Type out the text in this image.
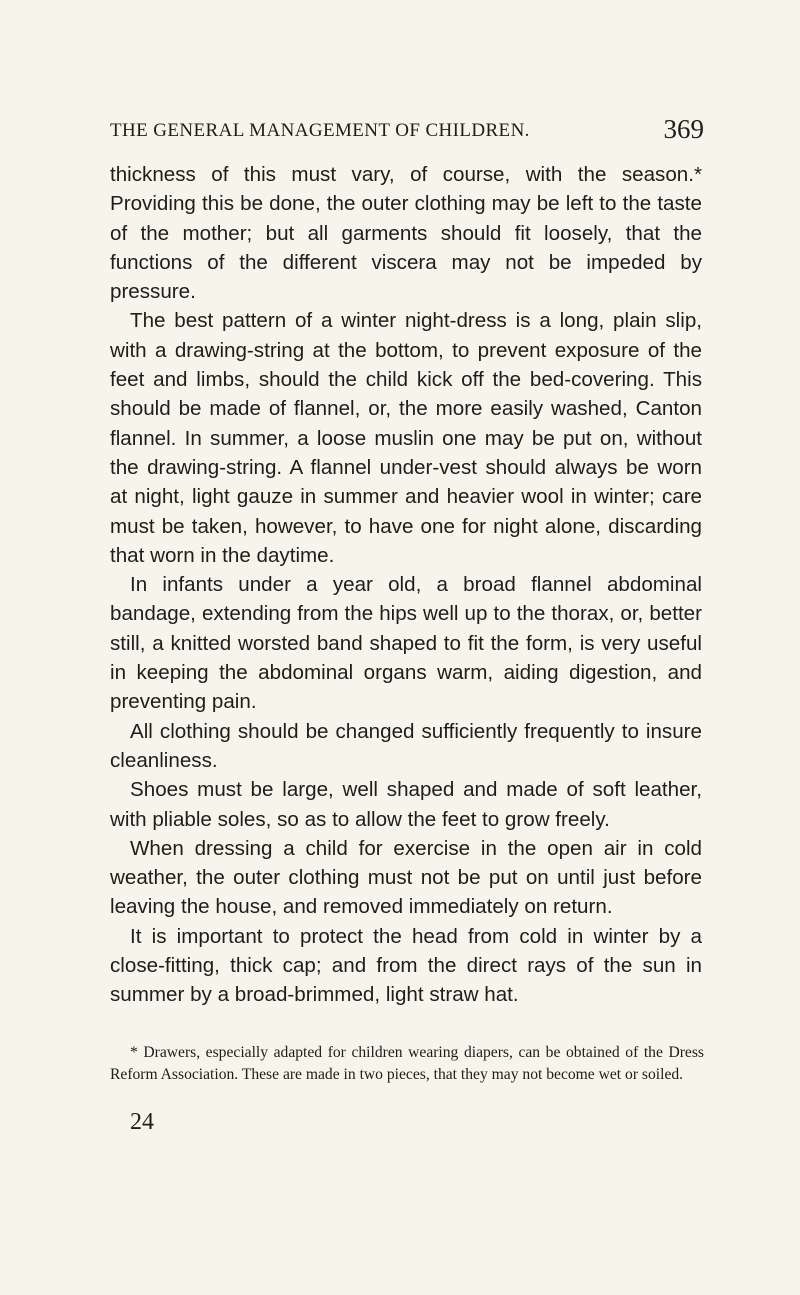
THE GENERAL MANAGEMENT OF CHILDREN.	369

thickness of this must vary, of course, with the season.* Providing this be done, the outer clothing may be left to the taste of the mother; but all garments should fit loosely, that the functions of the different viscera may not be impeded by pressure.

The best pattern of a winter night-dress is a long, plain slip, with a drawing-string at the bottom, to prevent exposure of the feet and limbs, should the child kick off the bed-covering. This should be made of flannel, or, the more easily washed, Canton flannel. In summer, a loose muslin one may be put on, without the drawing-string. A flannel under-vest should always be worn at night, light gauze in summer and heavier wool in winter; care must be taken, however, to have one for night alone, discarding that worn in the daytime.

In infants under a year old, a broad flannel abdominal bandage, extending from the hips well up to the thorax, or, better still, a knitted worsted band shaped to fit the form, is very useful in keeping the abdominal organs warm, aiding digestion, and preventing pain.

All clothing should be changed sufficiently frequently to insure cleanliness.

Shoes must be large, well shaped and made of soft leather, with pliable soles, so as to allow the feet to grow freely.

When dressing a child for exercise in the open air in cold weather, the outer clothing must not be put on until just before leaving the house, and removed immediately on return.

It is important to protect the head from cold in winter by a close-fitting, thick cap; and from the direct rays of the sun in summer by a broad-brimmed, light straw hat.

* Drawers, especially adapted for children wearing diapers, can be obtained of the Dress Reform Association. These are made in two pieces, that they may not become wet or soiled.

24
